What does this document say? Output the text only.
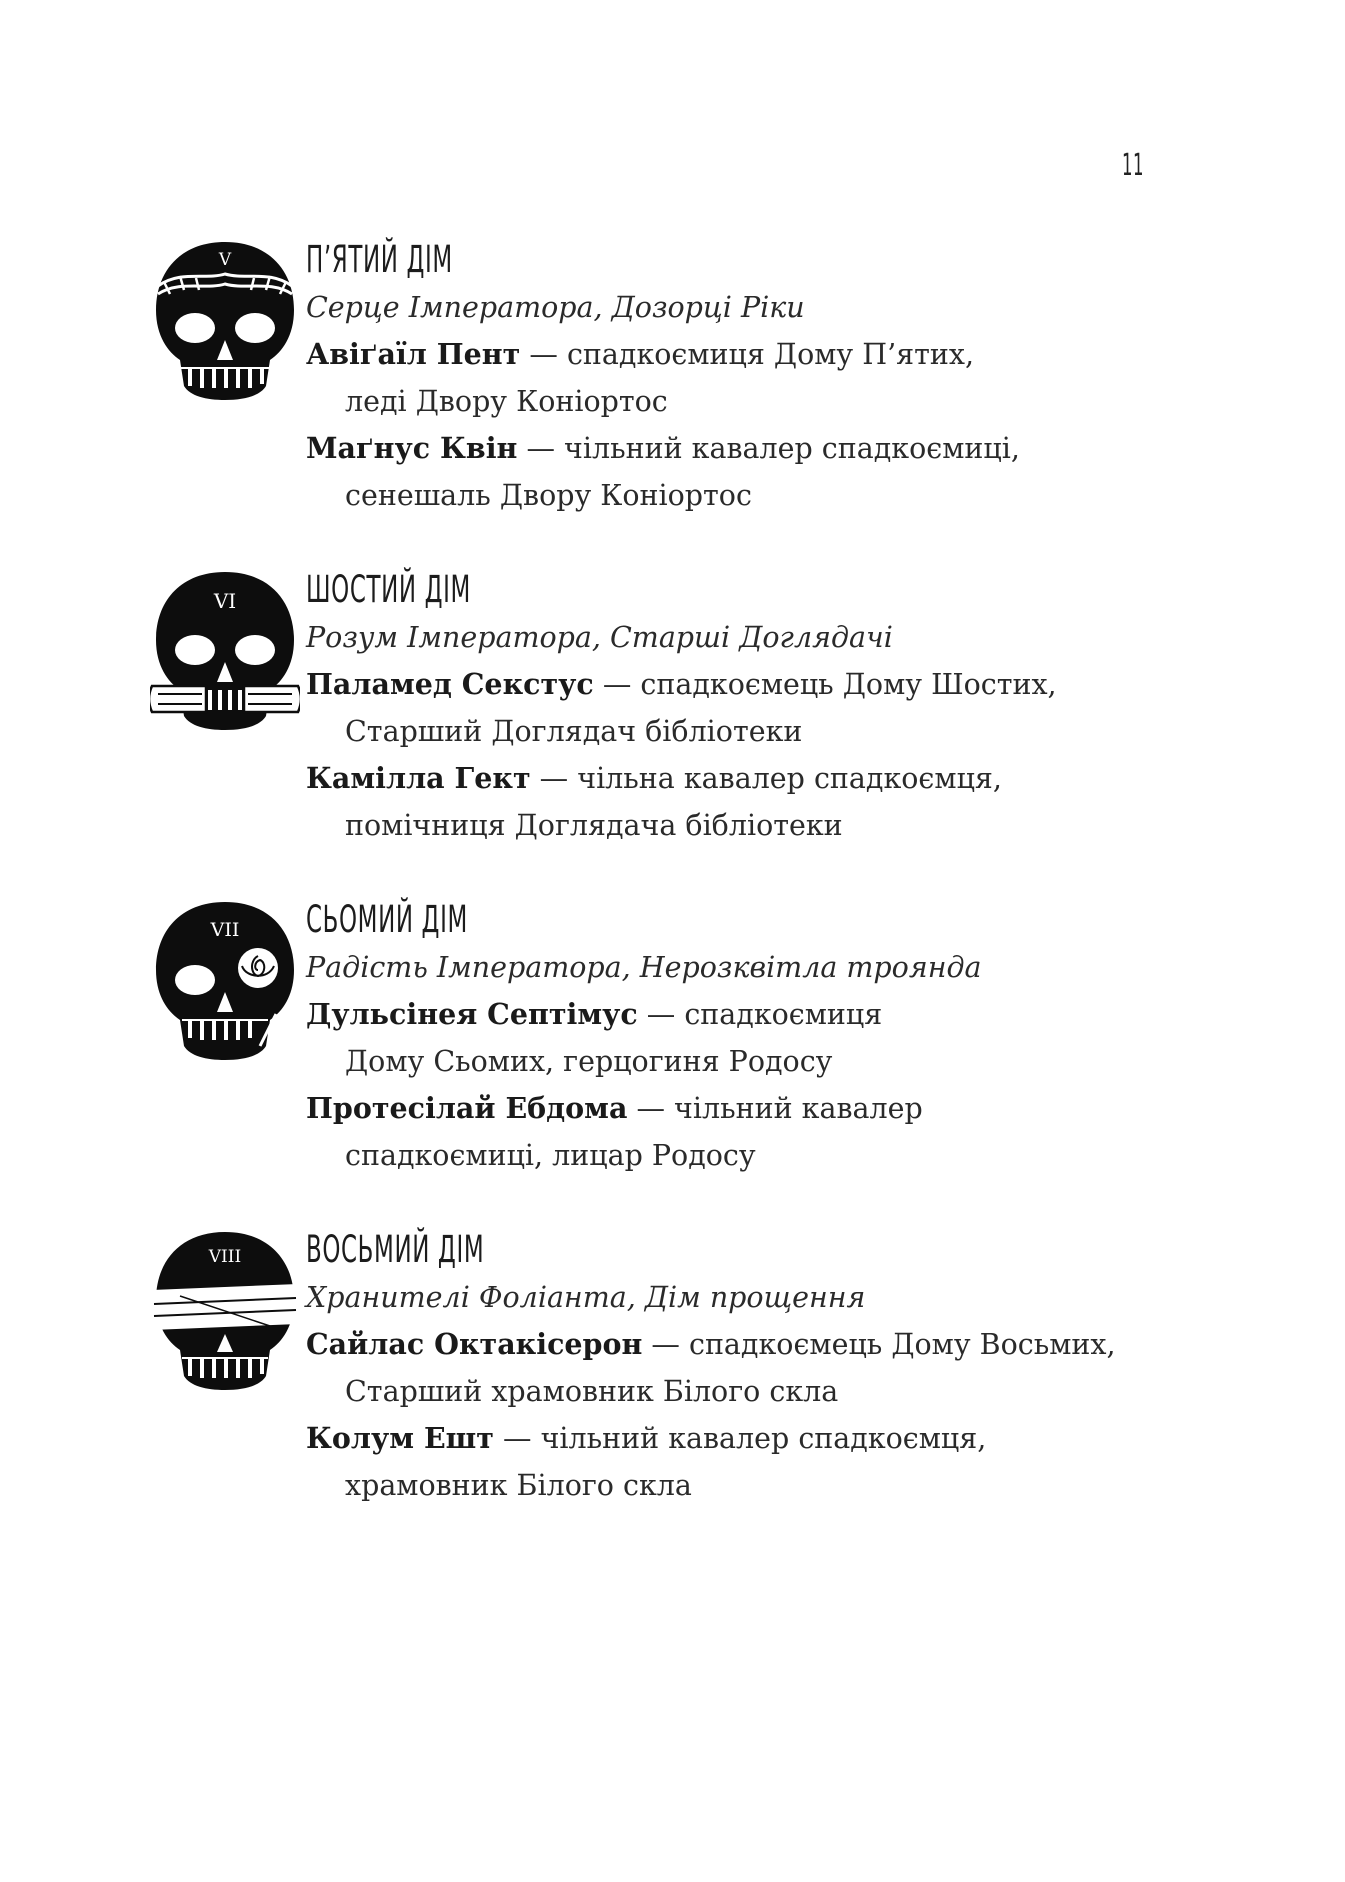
11
V П’ЯТИЙ ДІМ
Серце Імператора, Дозорці Ріки
Авіґаїл Пент — спадкоємиця Дому П’ятих,
леді Двору Коніортос
Маґнус Квін — чільний кавалер спадкоємиці,
сенешаль Двору Коніортос
VI ШОСТИЙ ДІМ
Розум Імператора, Старші Доглядачі
Паламед Секстус — спадкоємець Дому Шостих,
Старший Доглядач бібліотеки
Камілла Гект — чільна кавалер спадкоємця,
помічниця Доглядача бібліотеки
VII СЬОМИЙ ДІМ
Радість Імператора, Нерозквітла троянда
Дульсінея Септімус — спадкоємиця
Дому Сьомих, герцогиня Родосу
Протесілай Ебдома — чільний кавалер
спадкоємиці, лицар Родосу
VIII ВОСЬМИЙ ДІМ
Хранителі Фоліанта, Дім прощення
Сайлас Октакісерон — спадкоємець Дому Восьмих,
Старший храмовник Білого скла
Колум Ешт — чільний кавалер спадкоємця,
храмовник Білого скла
